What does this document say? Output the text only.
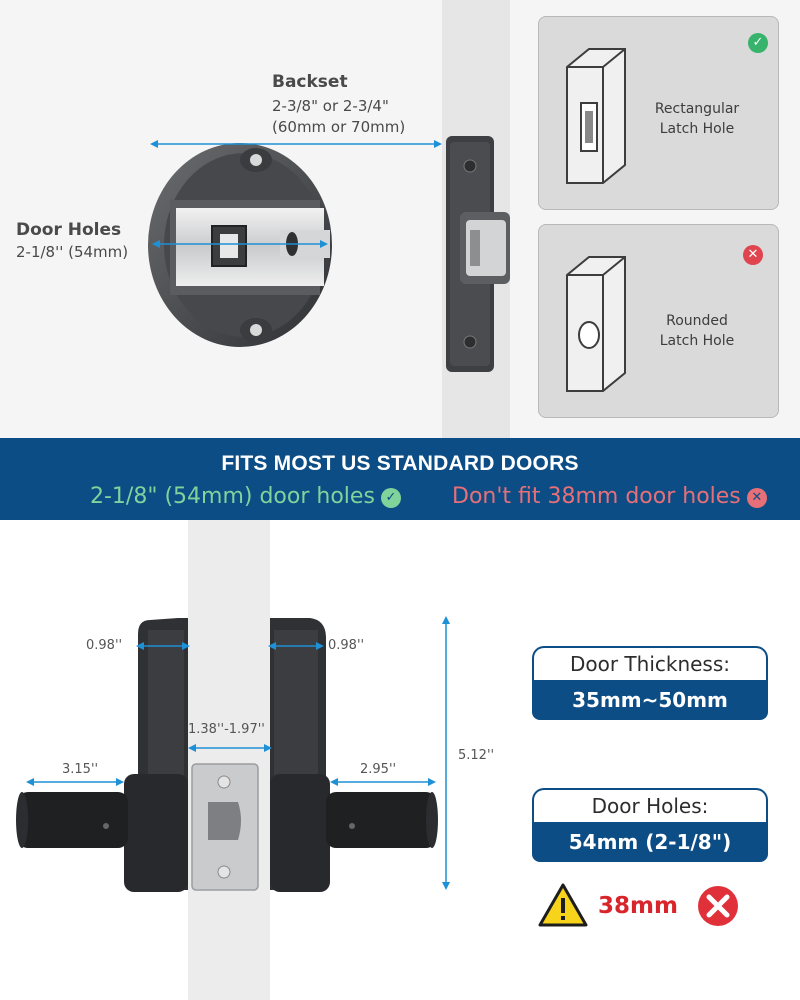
Backset
2-3/8" or 2-3/4"
(60mm or 70mm)
Door Holes
2-1/8'' (54mm)
Rectangular
Latch Hole
✓
Rounded
Latch Hole
✕
FITS MOST US STANDARD DOORS
2-1/8" (54mm) door holes ✓	Don't fit 38mm door holes ✕
0.98''	0.98''
1.38''-1.97''
3.15''	2.95''
5.12''
Door Thickness:
35mm~50mm
Door Holes:
54mm (2-1/8")
38mm
